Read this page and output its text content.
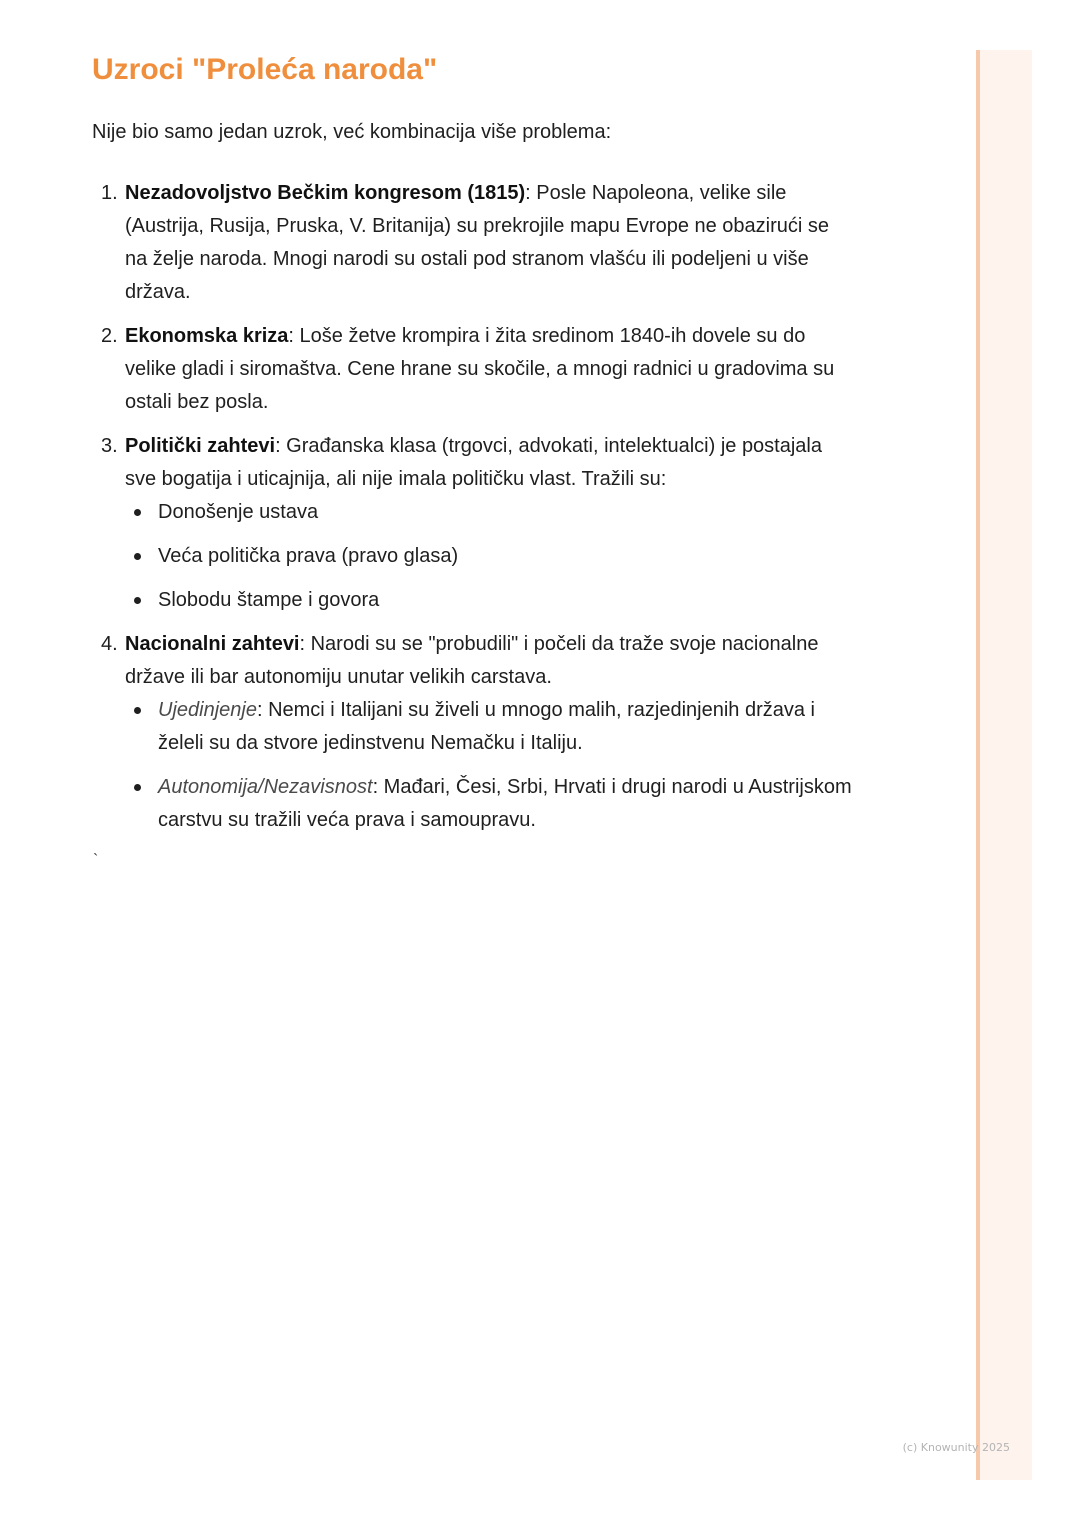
Uzroci "Proleća naroda"

Nije bio samo jedan uzrok, već kombinacija više problema:

1. Nezadovoljstvo Bečkim kongresom (1815): Posle Napoleona, velike sile (Austrija, Rusija, Pruska, V. Britanija) su prekrojile mapu Evrope ne obazirući se na želje naroda. Mnogi narodi su ostali pod stranom vlašću ili podeljeni u više država.
2. Ekonomska kriza: Loše žetve krompira i žita sredinom 1840-ih dovele su do velike gladi i siromaštva. Cene hrane su skočile, a mnogi radnici u gradovima su ostali bez posla.
3. Politički zahtevi: Građanska klasa (trgovci, advokati, intelektualci) je postajala sve bogatija i uticajnija, ali nije imala političku vlast. Tražili su:
Donošenje ustava
Veća politička prava (pravo glasa)
Slobodu štampe i govora
4. Nacionalni zahtevi: Narodi su se "probudili" i počeli da traže svoje nacionalne države ili bar autonomiju unutar velikih carstava.
Ujedinjenje: Nemci i Italijani su živeli u mnogo malih, razjedinjenih država i želeli su da stvore jedinstvenu Nemačku i Italiju.
Autonomija/Nezavisnost: Mađari, Česi, Srbi, Hrvati i drugi narodi u Austrijskom carstvu su tražili veća prava i samoupravu.
`
(c) Knowunity 2025
